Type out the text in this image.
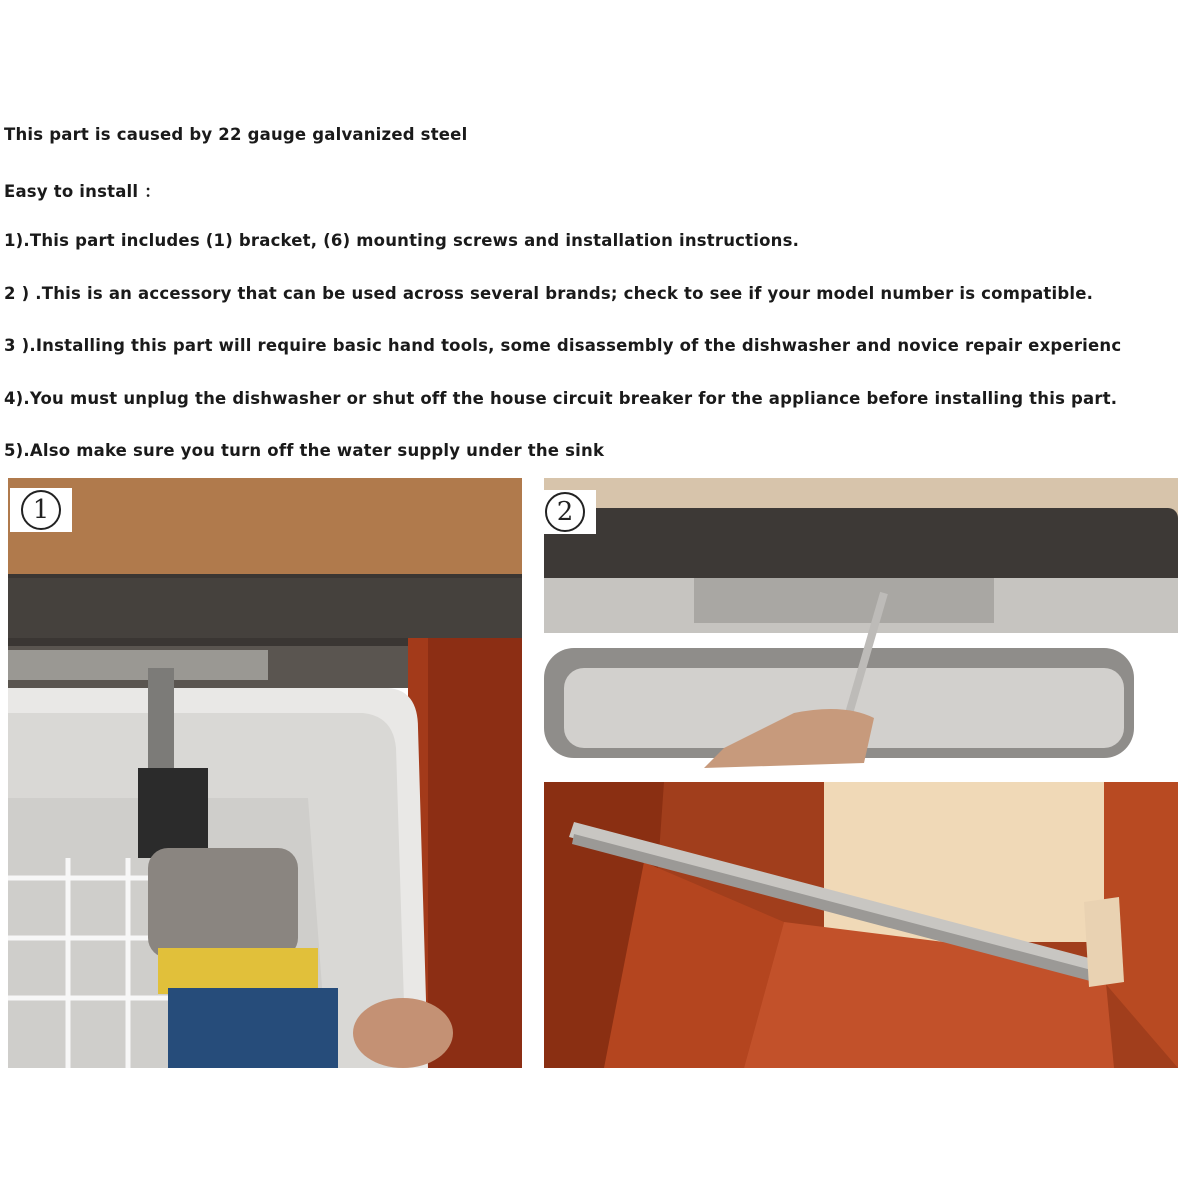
This part is caused by 22 gauge galvanized steel
Easy to install ：
1).This part includes (1) bracket, (6) mounting screws and installation instructions.
2 ) .This is an accessory that can be used across several brands; check to see if your model number is compatible.
3 ).Installing this part will require basic hand tools, some disassembly of the dishwasher and novice repair experienc
4).You must unplug the dishwasher or shut off the house circuit breaker for the appliance before installing this part.
5).Also make sure you turn off the water supply under the sink
1	2
